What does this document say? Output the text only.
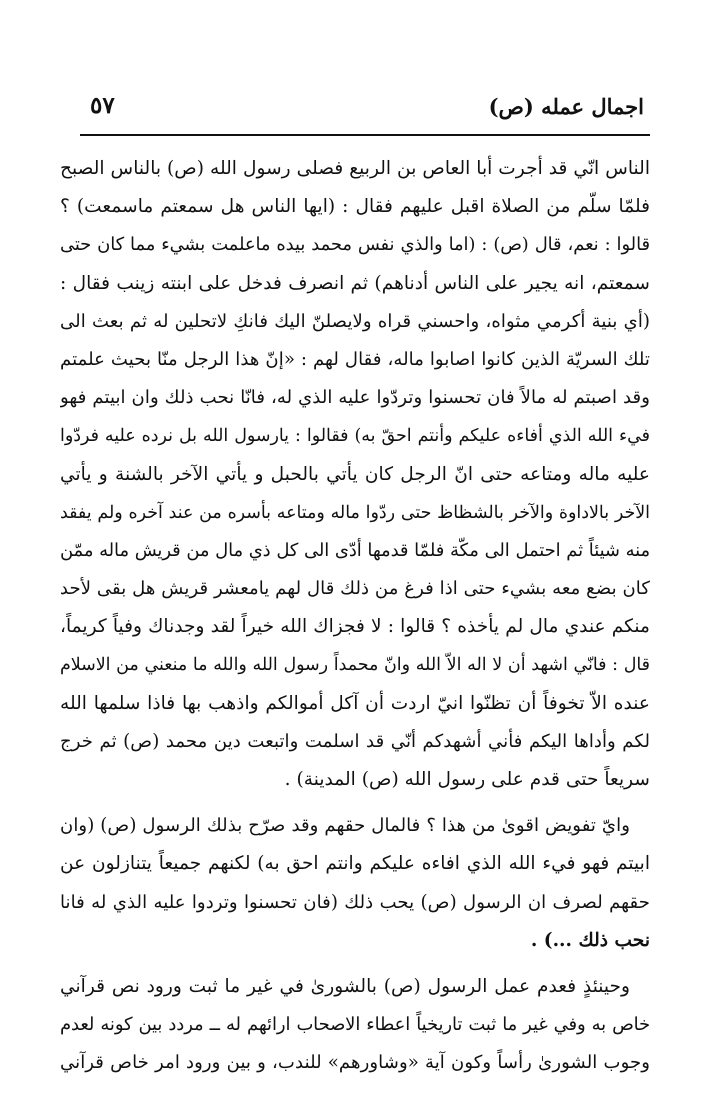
اجمال عمله (ص)
٥٧
الناس انّي قد أجرت أبا العاص بن الربيع فصلى رسول الله (ص) بالناس الصبح
فلمّا سلّم من الصلاة اقبل عليهم فقال : (ايها الناس هل سمعتم ماسمعت) ؟
قالوا : نعم، قال (ص) : (اما والذي نفس محمد بيده ماعلمت بشيء مما كان حتى
سمعتم، انه يجير على الناس أدناهم) ثم انصرف فدخل على ابنته زينب فقال :
(أي بنية أكرمي مثواه، واحسني قراه ولايصلنّ اليك فانكِ لاتحلين له ثم بعث الى
تلك السريّة الذين كانوا اصابوا ماله، فقال لهم : «إنّ هذا الرجل منّا بحيث علمتم
وقد اصبتم له مالاً فان تحسنوا وتردّوا عليه الذي له، فانّا نحب ذلك وان ابيتم فهو
فيء الله الذي أفاءه عليكم وأنتم احقّ به) فقالوا : يارسول الله بل نرده عليه فردّوا
عليه ماله ومتاعه حتى انّ الرجل كان يأتي بالحبل و يأتي الآخر بالشنة و يأتي
الآخر بالاداوة والآخر بالشظاظ حتى ردّوا ماله ومتاعه بأسره من عند آخره ولم يفقد
منه شيئاً ثم احتمل الى مكّة فلمّا قدمها أدّى الى كل ذي مال من قريش ماله ممّن
كان بضع معه بشيء حتى اذا فرغ من ذلك قال لهم يامعشر قريش هل بقى لأحد
منكم عندي مال لم يأخذه ؟ قالوا : لا فجزاك الله خيراً لقد وجدناك وفياً كريماً،
قال : فانّي اشهد أن لا اله الاّ الله وانّ محمداً رسول الله والله ما منعني من الاسلام
عنده الاّ تخوفاً أن تظنّوا انيّ اردت أن آكل أموالكم واذهب بها فاذا سلمها الله
لكم وأداها اليكم فأني أشهدكم أنّي قد اسلمت واتبعت دين محمد (ص) ثم خرج
سريعاً حتى قدم على رسول الله (ص) المدينة) .
وايّ تفويض اقوىٰ من هذا ؟ فالمال حقهم وقد صرّح بذلك الرسول (ص) (وان
ابيتم فهو فيء الله الذي افاءه عليكم وانتم احق به) لكنهم جميعاً يتنازلون عن
حقهم لصرف ان الرسول (ص) يحب ذلك (فان تحسنوا وتردوا عليه الذي له فانا
نحب ذلك ...) .
وحينئذٍ فعدم عمل الرسول (ص) بالشورىٰ في غير ما ثبت ورود نص قرآني
خاص به وفي غير ما ثبت تاريخياً اعطاء الاصحاب ارائهم له ــ مردد بين كونه لعدم
وجوب الشورىٰ رأساً وكون آية «وشاورهم» للندب، و بين ورود امر خاص قرآني
